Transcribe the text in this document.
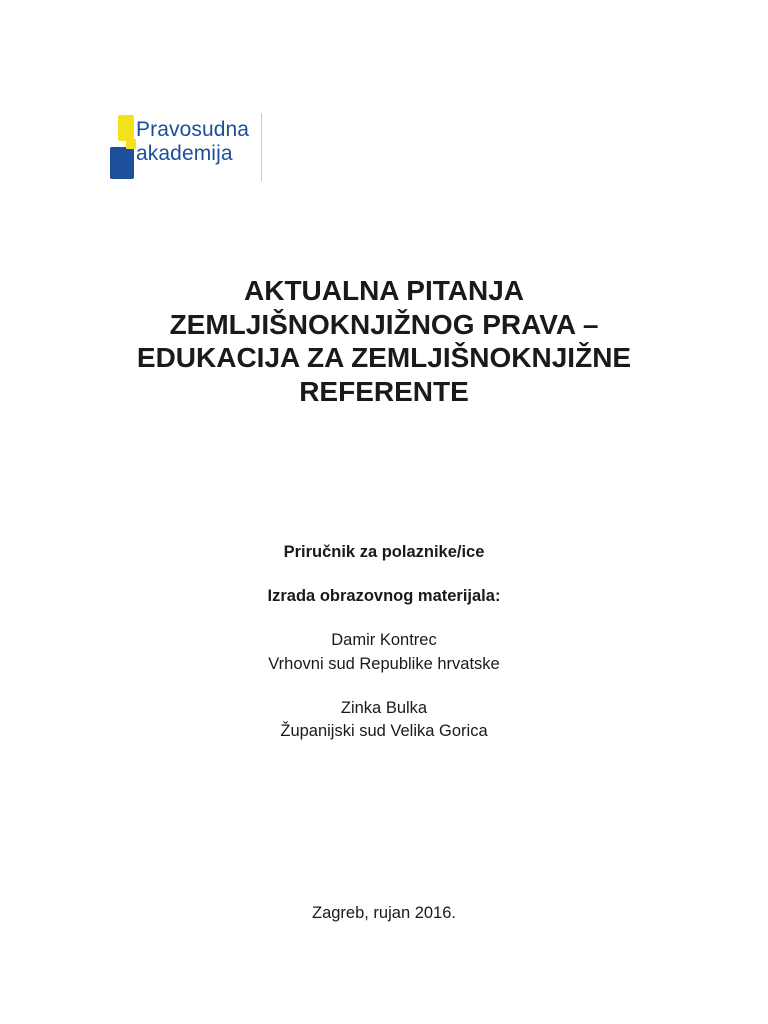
Pravosudna
akademija
AKTUALNA PITANJA
ZEMLJIŠNOKNJIŽNOG PRAVA –
EDUKACIJA ZA ZEMLJIŠNOKNJIŽNE
REFERENTE
Priručnik za polaznike/ice
Izrada obrazovnog materijala:
Damir Kontrec
Vrhovni sud Republike hrvatske
Zinka Bulka
Županijski sud Velika Gorica
Zagreb, rujan 2016.
